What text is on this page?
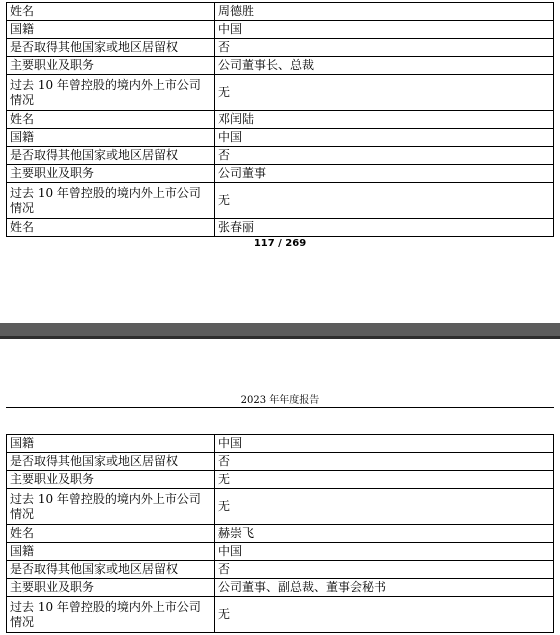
姓名	周德胜
国籍	中国
是否取得其他国家或地区居留权	否
主要职业及职务	公司董事长、总裁
过去 10 年曾控股的境内外上市公司情况	无
姓名	邓闰陆
国籍	中国
是否取得其他国家或地区居留权	否
主要职业及职务	公司董事
过去 10 年曾控股的境内外上市公司情况	无
姓名	张春丽
117 / 269
2023 年年度报告
国籍	中国
是否取得其他国家或地区居留权	否
主要职业及职务	无
过去 10 年曾控股的境内外上市公司情况	无
姓名	赫崇飞
国籍	中国
是否取得其他国家或地区居留权	否
主要职业及职务	公司董事、副总裁、董事会秘书
过去 10 年曾控股的境内外上市公司情况	无
